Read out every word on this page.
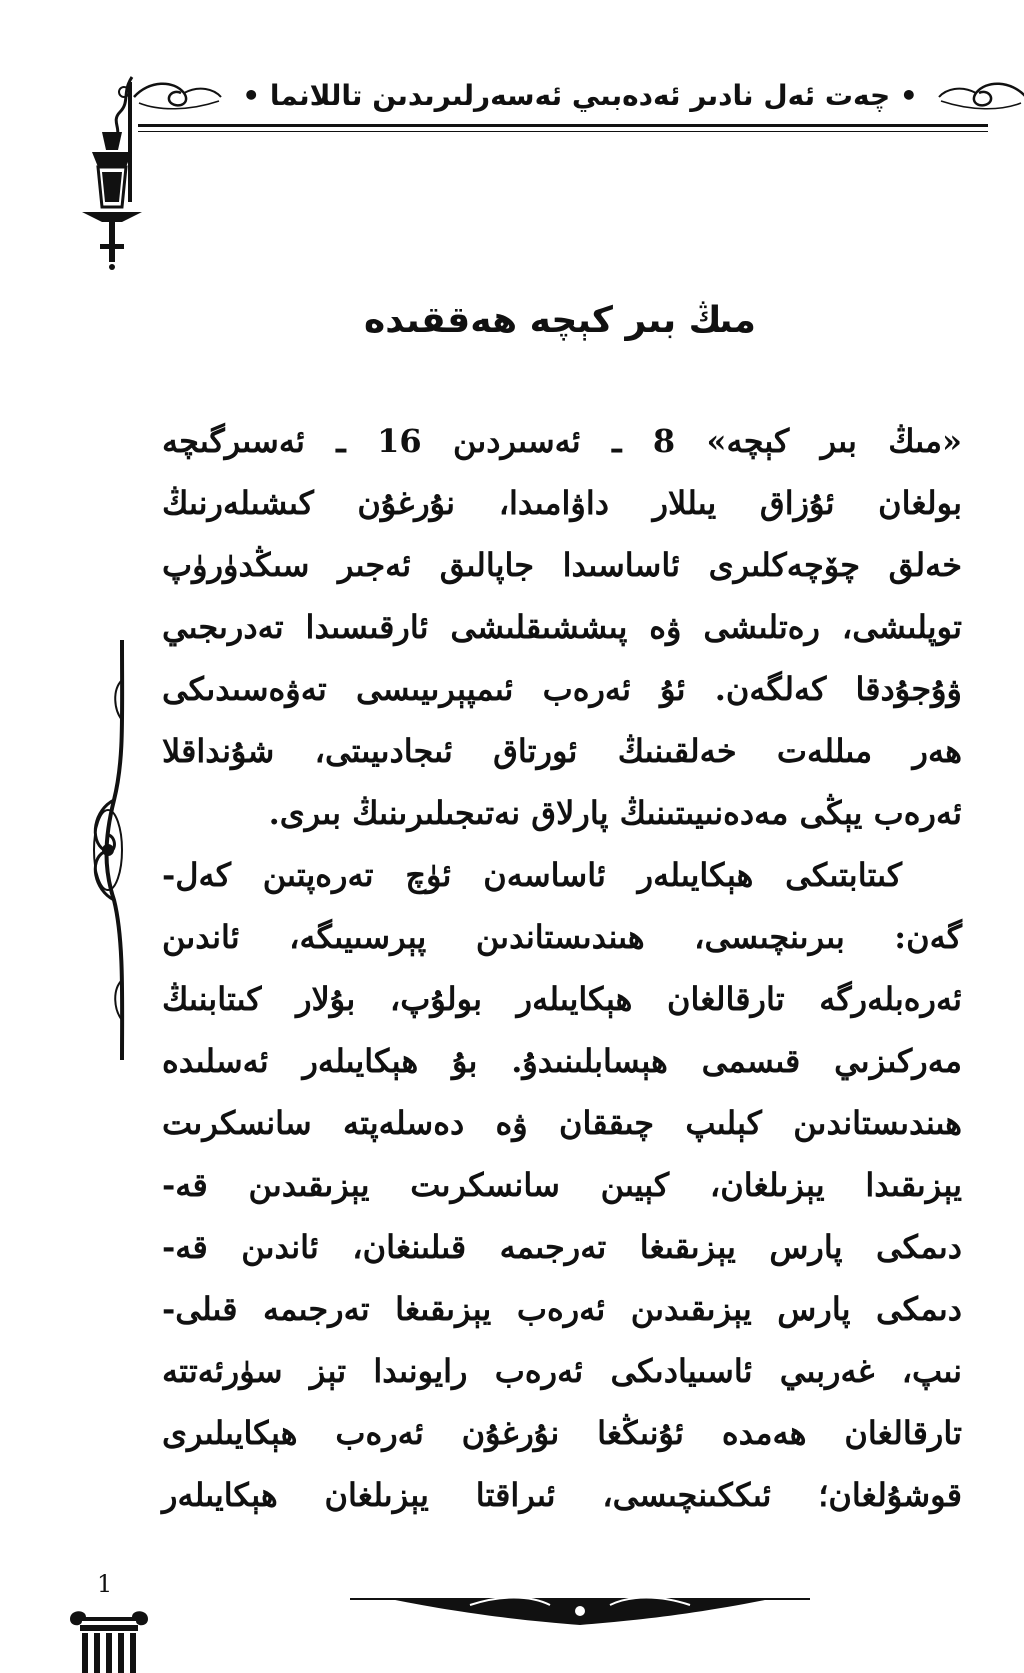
• چەت ئەل نادىر ئەدەبىي ئەسەرلىرىدىن تاللانما •
مىڭ بىر كېچە ھەققىدە
«مىڭ بىر كېچە» 8 ـ ئەسىردىن 16 ـ ئەسىرگىچە
بولغان ئۇزاق يىللار داۋامىدا، نۇرغۇن كىشىلەرنىڭ
خەلق چۆچەكلىرى ئاساسىدا جاپالىق ئەجىر سىڭدۈرۈپ
توپلىشى، رەتلىشى ۋە پىششىقلىشى ئارقىسىدا تەدرىجىي
ۋۇجۇدقا كەلگەن. ئۇ ئەرەب ئىمپېرىيىسى تەۋەسىدىكى
ھەر مىللەت خەلقىنىڭ ئورتاق ئىجادىيىتى، شۇنداقلا
ئەرەب يېڭى مەدەنىيىتىنىڭ پارلاق نەتىجىلىرىنىڭ بىرى.
كىتابتىكى ھېكايىلەر ئاساسەن ئۈچ تەرەپتىن كەل-
گەن: بىرىنچىسى، ھىندىستاندىن پېرسىيىگە، ئاندىن
ئەرەبلەرگە تارقالغان ھېكايىلەر بولۇپ، بۇلار كىتابنىڭ
مەركىزىي قىسمى ھېسابلىنىدۇ. بۇ ھېكايىلەر ئەسلىدە
ھىندىستاندىن كېلىپ چىققان ۋە دەسلەپتە سانسكرىت
يېزىقىدا يېزىلغان، كېيىن سانسكرىت يېزىقىدىن قە-
دىمكى پارس يېزىقىغا تەرجىمە قىلىنغان، ئاندىن قە-
دىمكى پارس يېزىقىدىن ئەرەب يېزىقىغا تەرجىمە قىلى-
نىپ، غەربىي ئاسىيادىكى ئەرەب رايونىدا تېز سۈرئەتتە
تارقالغان ھەمدە ئۇنىڭغا نۇرغۇن ئەرەب ھېكايىلىرى
قوشۇلغان؛ ئىككىنچىسى، ئىراقتا يېزىلغان ھېكايىلەر
1
